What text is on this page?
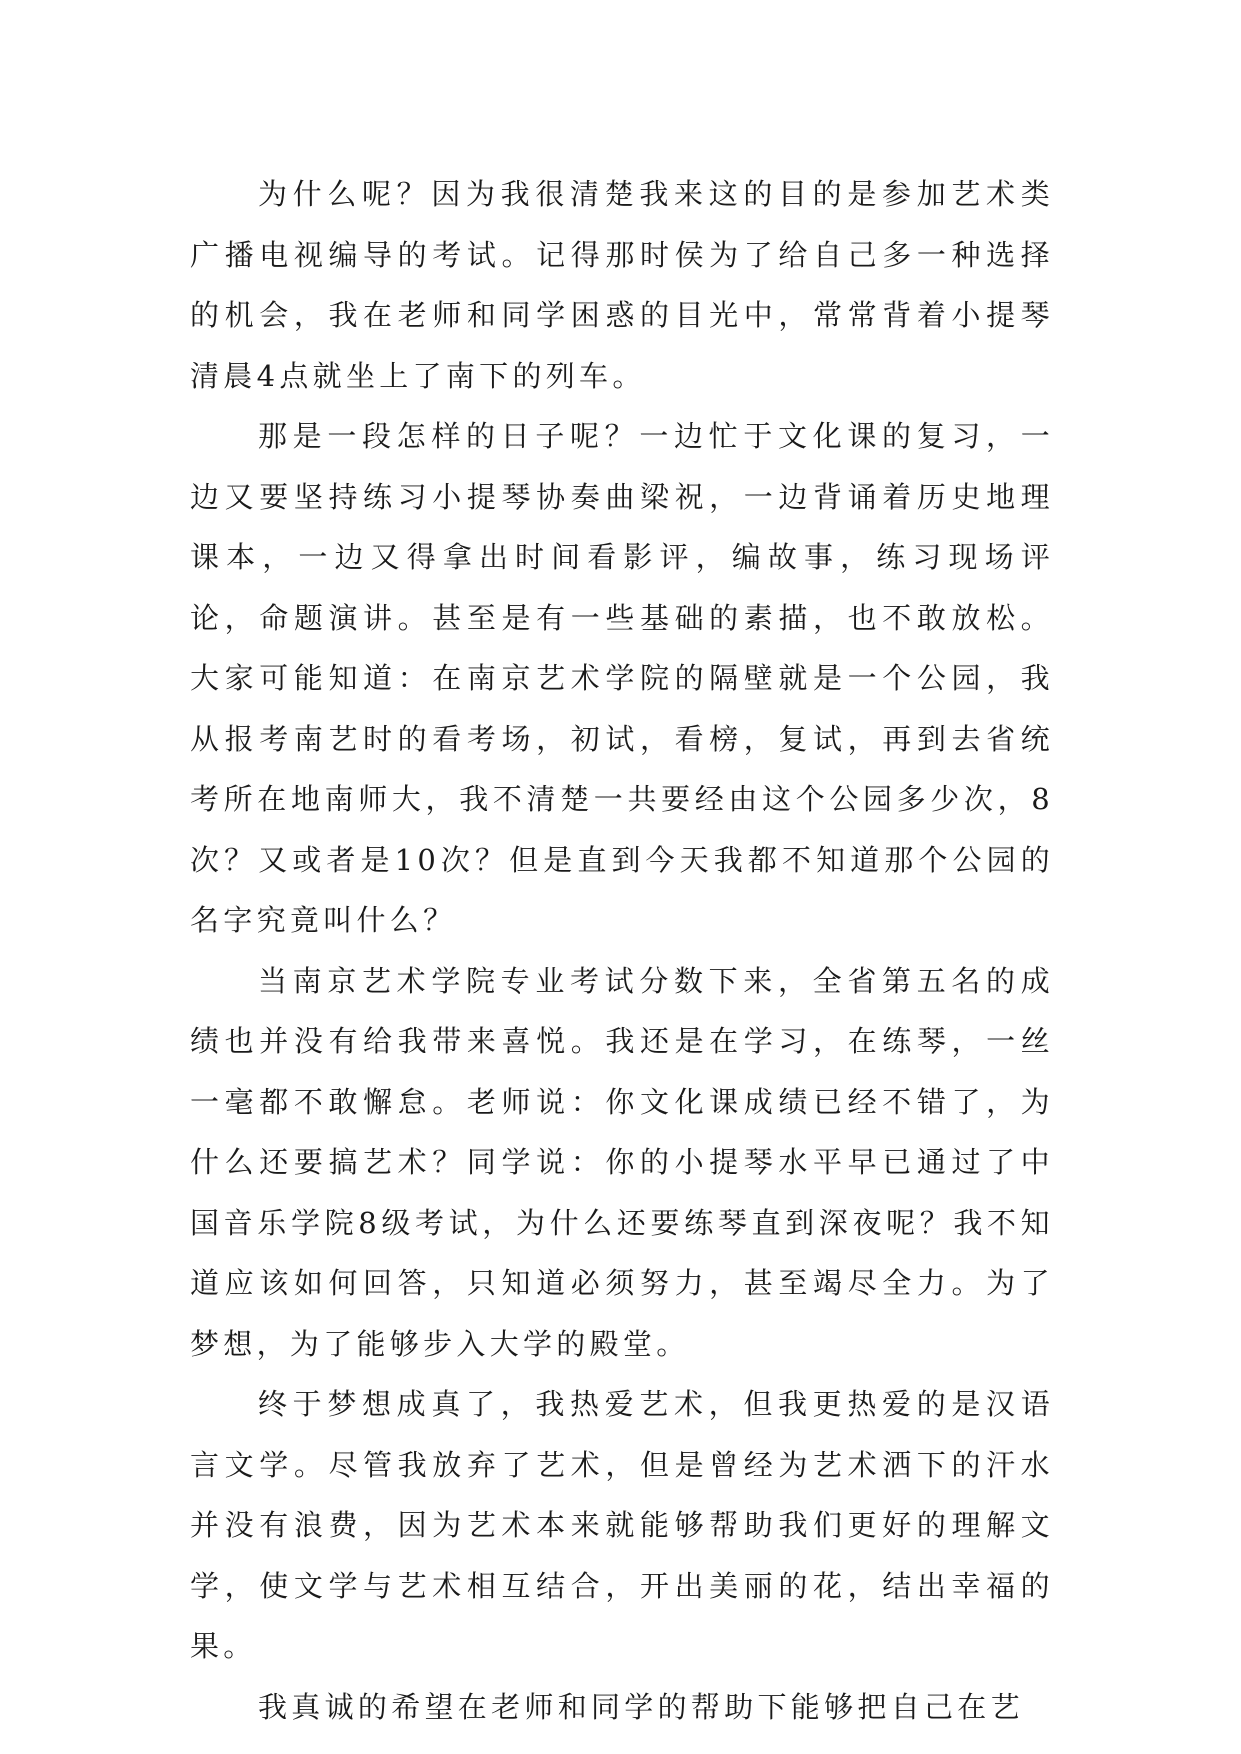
为什么呢？因为我很清楚我来这的目的是参加艺术类广播电视编导的考试。记得那时侯为了给自己多一种选择的机会，我在老师和同学困惑的目光中，常常背着小提琴清晨4点就坐上了南下的列车。

那是一段怎样的日子呢？一边忙于文化课的复习，一边又要坚持练习小提琴协奏曲梁祝，一边背诵着历史地理课本，一边又得拿出时间看影评，编故事，练习现场评论，命题演讲。甚至是有一些基础的素描，也不敢放松。大家可能知道：在南京艺术学院的隔壁就是一个公园，我从报考南艺时的看考场，初试，看榜，复试，再到去省统考所在地南师大，我不清楚一共要经由这个公园多少次，8次？又或者是10次？但是直到今天我都不知道那个公园的名字究竟叫什么？

当南京艺术学院专业考试分数下来，全省第五名的成绩也并没有给我带来喜悦。我还是在学习，在练琴，一丝一毫都不敢懈怠。老师说：你文化课成绩已经不错了，为什么还要搞艺术？同学说：你的小提琴水平早已通过了中国音乐学院8级考试，为什么还要练琴直到深夜呢？我不知道应该如何回答，只知道必须努力，甚至竭尽全力。为了梦想，为了能够步入大学的殿堂。

终于梦想成真了，我热爱艺术，但我更热爱的是汉语言文学。尽管我放弃了艺术，但是曾经为艺术洒下的汗水并没有浪费，因为艺术本来就能够帮助我们更好的理解文学，使文学与艺术相互结合，开出美丽的花，结出幸福的果。

我真诚的希望在老师和同学的帮助下能够把自己在艺
